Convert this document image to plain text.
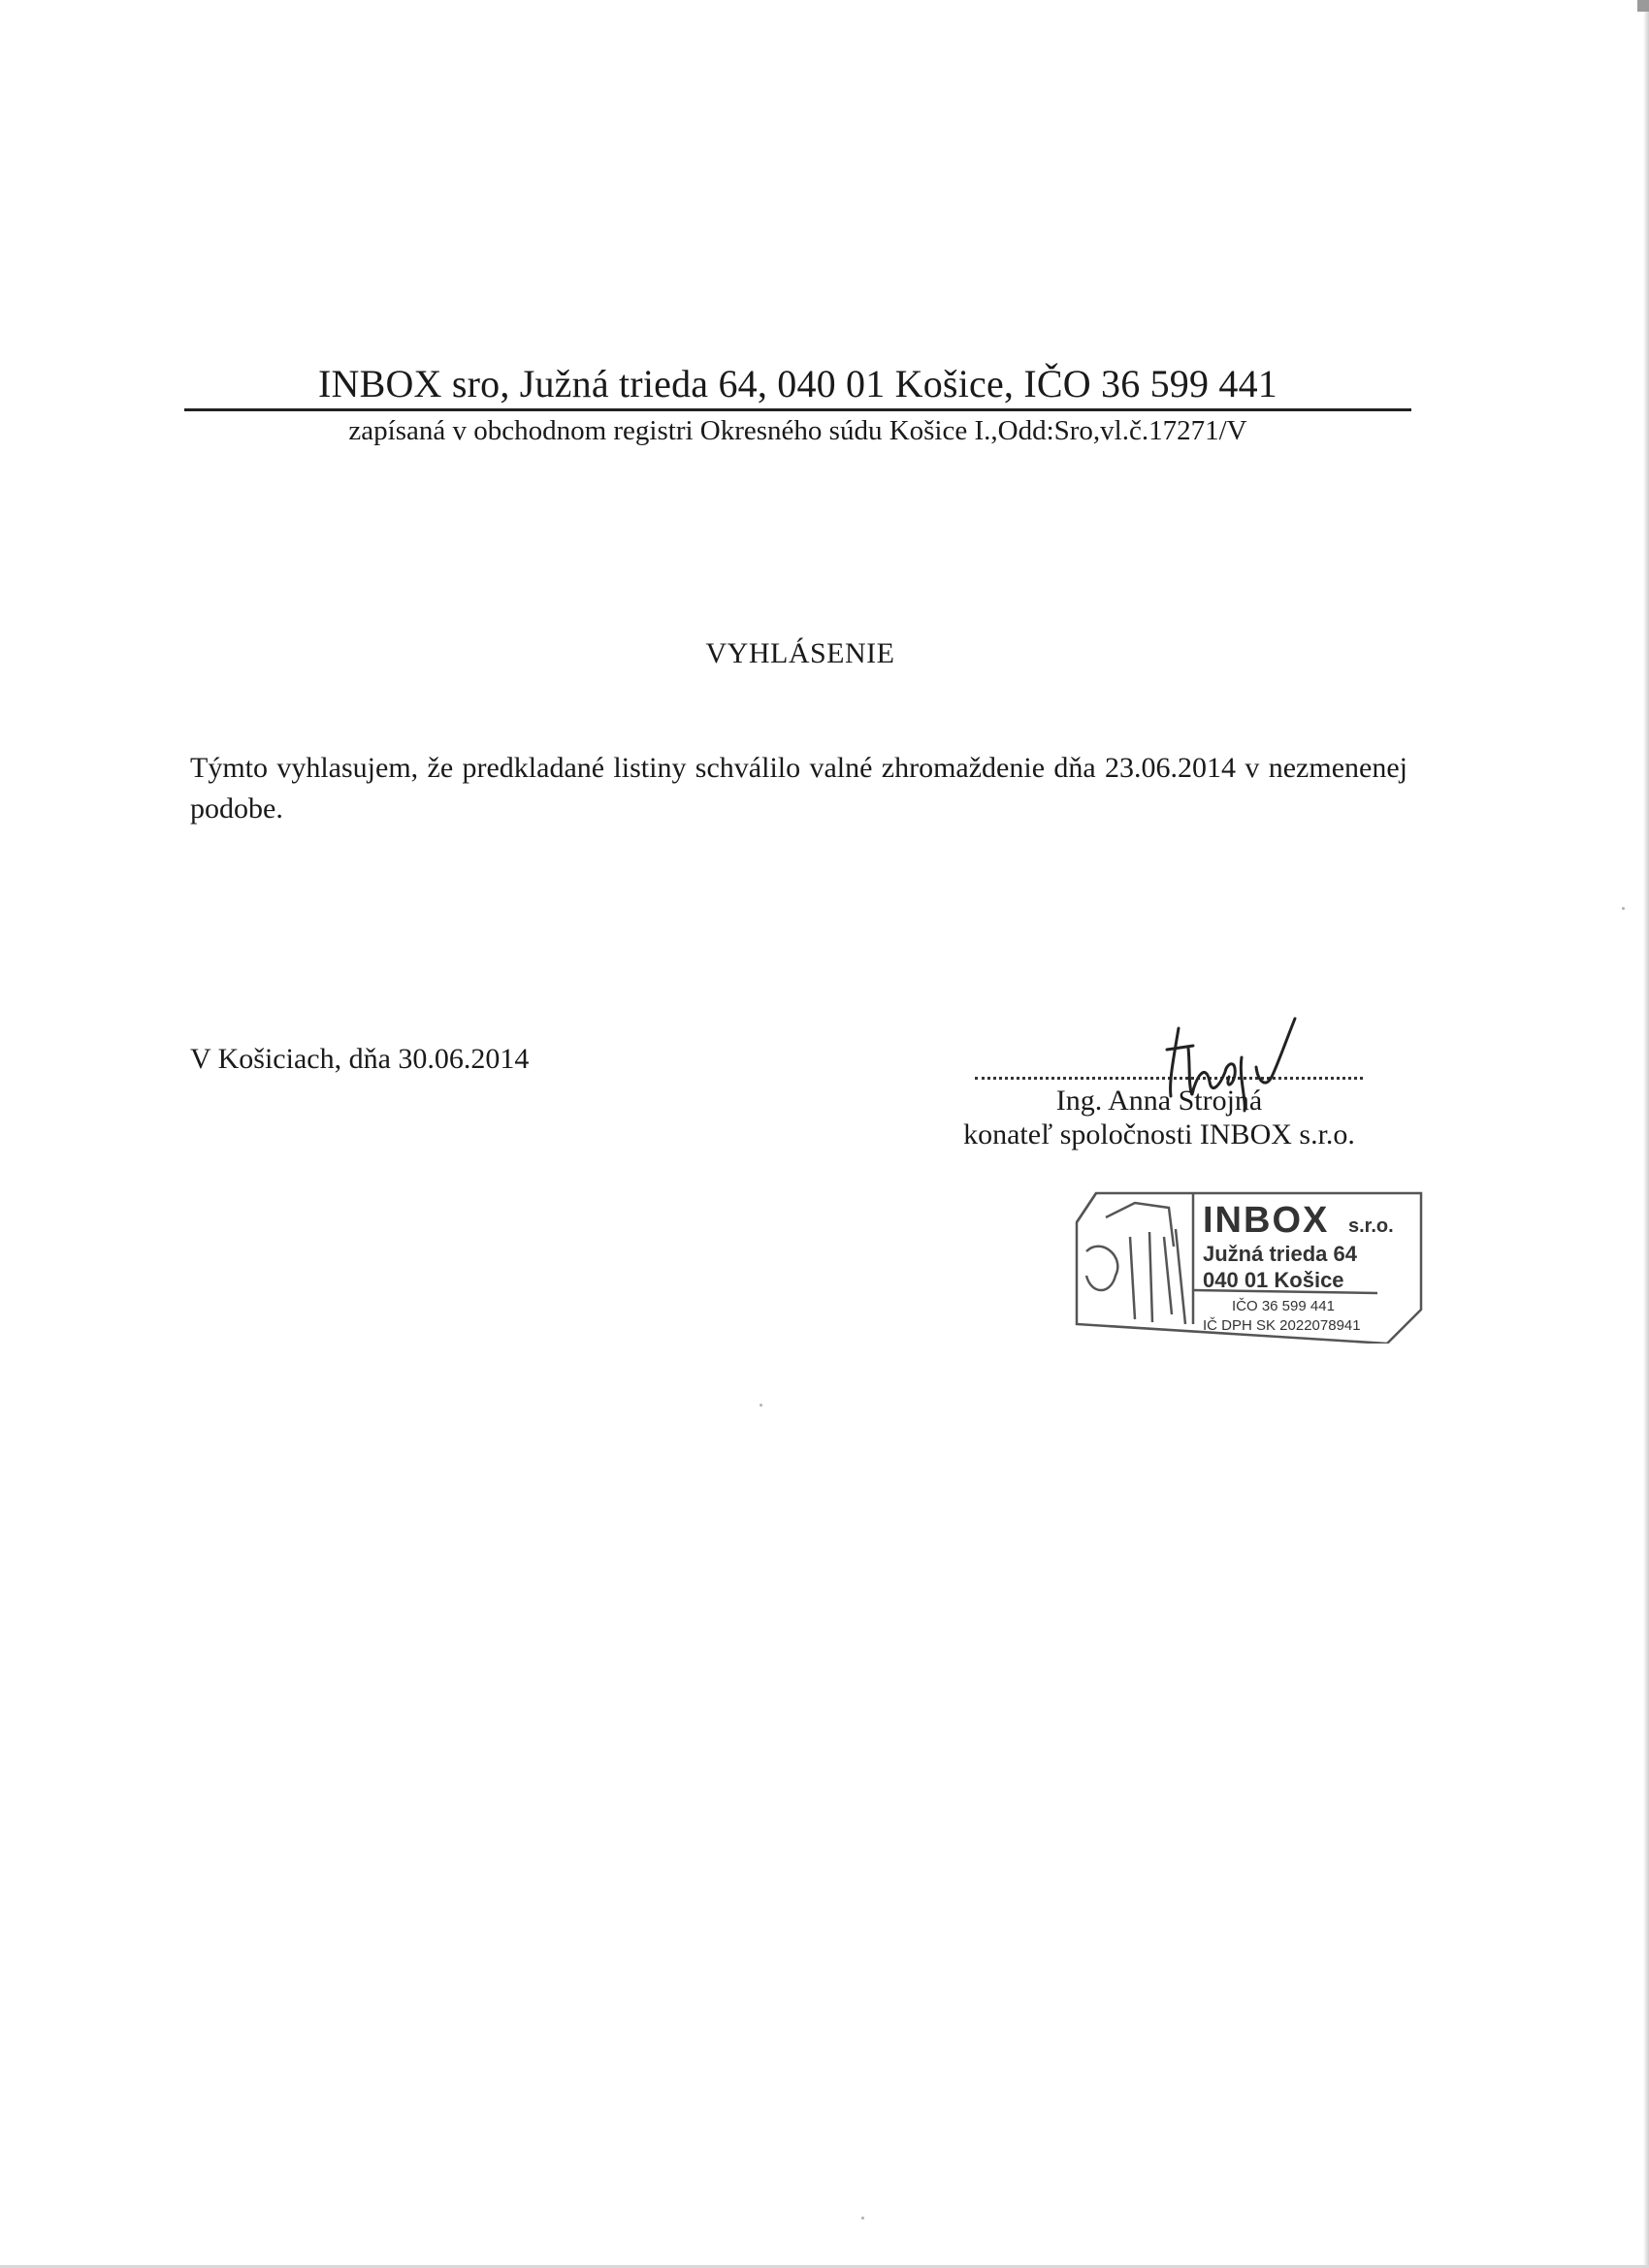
INBOX sro, Južná trieda 64, 040 01 Košice, IČO 36 599 441
zapísaná v obchodnom registri Okresného súdu Košice I.,Odd:Sro,vl.č.17271/V
VYHLÁSENIE
Týmto vyhlasujem, že predkladané listiny schválilo valné zhromaždenie dňa 23.06.2014 v nezmenenej podobe.
V Košiciach, dňa 30.06.2014
Ing. Anna Strojná
konateľ spoločnosti INBOX s.r.o.
INBOX s.r.o.
Južná trieda 64
040 01 Košice
IČO 36 599 441
IČ DPH SK 2022078941
